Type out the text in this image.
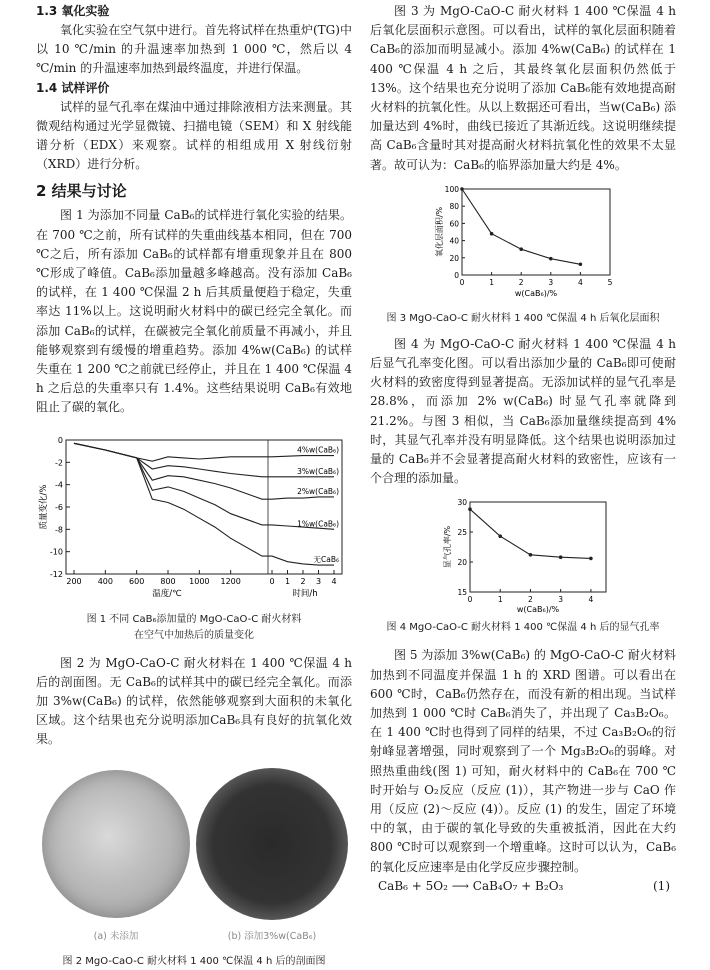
1.3 氧化实验

氧化实验在空气氛中进行。首先将试样在热重炉(TG)中以 10 ℃/min 的升温速率加热到 1 000 ℃，然后以 4 ℃/min 的升温速率加热到最终温度，并进行保温。

1.4 试样评价

试样的显气孔率在煤油中通过排除液相方法来测量。其微观结构通过光学显微镜、扫描电镜（SEM）和 X 射线能谱分析（EDX）来观察。试样的相组成用 X 射线衍射（XRD）进行分析。

2 结果与讨论

图 1 为添加不同量 CaB₆的试样进行氧化实验的结果。在 700 ℃之前，所有试样的失重曲线基本相同，但在 700 ℃之后，所有添加 CaB₆的试样都有增重现象并且在 800 ℃形成了峰值。CaB₆添加量越多峰越高。没有添加 CaB₆的试样，在 1 400 ℃保温 2 h 后其质量便趋于稳定，失重率达 11%以上。这说明耐火材料中的碳已经完全氧化。而添加 CaB₆的试样，在碳被完全氧化前质量不再减小，并且能够观察到有缓慢的增重趋势。添加 4%w(CaB₆) 的试样失重在 1 200 ℃之前就已经停止，并且在 1 400 ℃保温 4 h 之后总的失重率只有 1.4%。这些结果说明 CaB₆有效地阻止了碳的氧化。

0
-2
-4
-6
-8
-10
-12
200 400 600 800 1000 1200	0 1 2 3 4
温度/℃	时间/h
质量变化/%
4%w(CaB₆)
3%w(CaB₆)
2%w(CaB₆)
1%w(CaB₆)
无CaB₆
图 1 不同 CaB₆添加量的 MgO-CaO-C 耐火材料
在空气中加热后的质量变化

图 2 为 MgO-CaO-C 耐火材料在 1 400 ℃保温 4 h 后的剖面图。无 CaB₆的试样其中的碳已经完全氧化。而添加 3%w(CaB₆) 的试样，依然能够观察到大面积的未氧化区域。这个结果也充分说明添加CaB₆具有良好的抗氧化效果。

(a) 未添加	(b) 添加3%w(CaB₆)
图 2 MgO-CaO-C 耐火材料 1 400 ℃保温 4 h 后的剖面图

图 3 为 MgO-CaO-C 耐火材料 1 400 ℃保温 4 h 后氧化层面积示意图。可以看出，试样的氧化层面积随着 CaB₆的添加而明显减小。添加 4%w(CaB₆) 的试样在 1 400 ℃保温 4 h 之后，其最终氧化层面积仍然低于 13%。这个结果也充分说明了添加 CaB₆能有效地提高耐火材料的抗氧化性。从以上数据还可看出，当w(CaB₆) 添加量达到 4%时，曲线已接近了其渐近线。这说明继续提高 CaB₆含量时其对提高耐火材料抗氧化性的效果不太显著。故可认为：CaB₆的临界添加量大约是 4%。

0
20
40
60
80
100
0	1	2	3	4	5
w(CaB₆)/%
氧化层面积/%
图 3 MgO-CaO-C 耐火材料 1 400 ℃保温 4 h 后氧化层面积

图 4 为 MgO-CaO-C 耐火材料 1 400 ℃保温 4 h 后显气孔率变化图。可以看出添加少量的 CaB₆即可使耐火材料的致密度得到显著提高。无添加试样的显气孔率是 28.8%，而添加 2% w(CaB₆) 时显气孔率就降到 21.2%。与图 3 相似，当 CaB₆添加量继续提高到 4%时，其显气孔率并没有明显降低。这个结果也说明添加过量的 CaB₆并不会显著提高耐火材料的致密性，应该有一个合理的添加量。

15
20
25
30
0	1	2	3	4
w(CaB₆)/%
显气孔率/%
图 4 MgO-CaO-C 耐火材料 1 400 ℃保温 4 h 后的显气孔率

图 5 为添加 3%w(CaB₆) 的 MgO-CaO-C 耐火材料加热到不同温度并保温 1 h 的 XRD 图谱。可以看出在 600 ℃时，CaB₆仍然存在，而没有新的相出现。当试样加热到 1 000 ℃时 CaB₆消失了，并出现了 Ca₃B₂O₆。在 1 400 ℃时也得到了同样的结果，不过 Ca₃B₂O₆的衍射峰显著增强，同时观察到了一个 Mg₃B₂O₆的弱峰。对照热重曲线(图 1) 可知，耐火材料中的 CaB₆在 700 ℃时开始与 O₂反应（反应 (1)），其产物进一步与 CaO 作用（反应 (2)～反应 (4)）。反应 (1) 的发生，固定了环境中的氧，由于碳的氧化导致的失重被抵消，因此在大约 800 ℃时可以观察到一个增重峰。这时可以认为，CaB₆的氧化反应速率是由化学反应步骤控制。

CaB₆ + 5O₂ ⟶ CaB₄O₇ + B₂O₃	(1)
